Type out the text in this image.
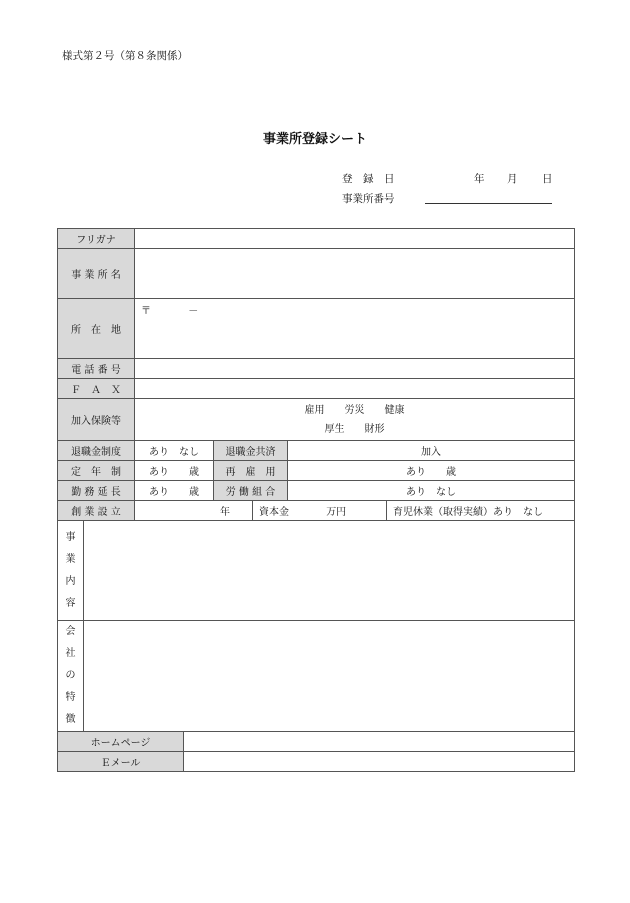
様式第２号（第８条関係）
事業所登録シート
登　録　日	年 月 日
事業所番号
フリガナ							
事 業 所 名							
所　在　地		〒 －					
電 話 番 号							
Ｆ　Ａ　Ｘ							
加入保険等		雇用　　労災　　健康
厚生　　財形					

退職金制度		あり　なし		退職金共済		加入	
定　年　制		あり　　歳		再　雇　用		あり　　歳	
勤 務 延 長		あり　　歳		労 働 組 合		あり　なし	
創 業 設 立		年			資本金 万円		育児休業（取得実績）あり　なし

事
業
内
容							

会
社
の
特
徴							

ホームページ							
Ｅメール							
